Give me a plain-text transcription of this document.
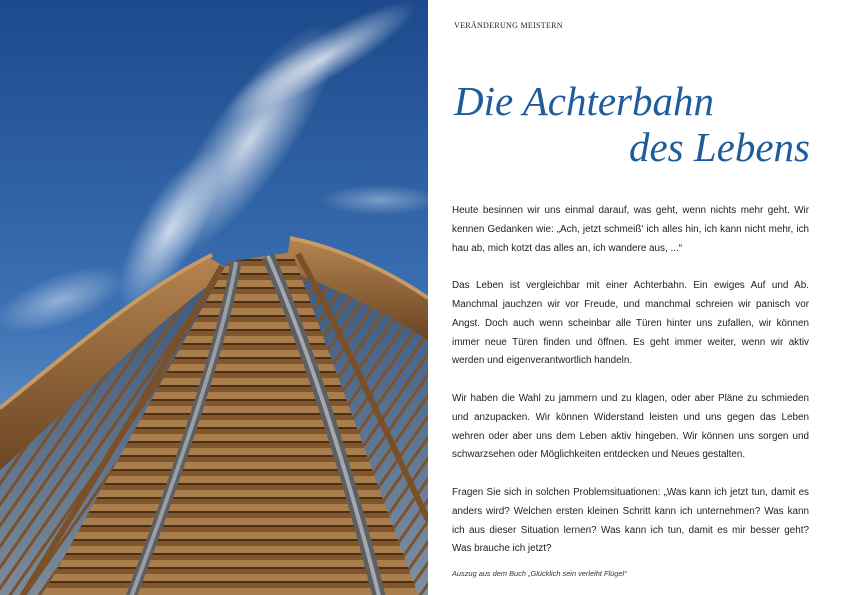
VERÄNDERUNG MEISTERN
Die Achterbahn
des Lebens

Heute besinnen wir uns einmal darauf, was geht, wenn nichts mehr geht. Wir kennen Gedanken wie: „Ach, jetzt schmeiß' ich alles hin, ich kann nicht mehr, ich hau ab, mich kotzt das alles an, ich wandere aus, ...“

Das Leben ist vergleichbar mit einer Achterbahn. Ein ewiges Auf und Ab. Manchmal jauchzen wir vor Freude, und manchmal schreien wir panisch vor Angst. Doch auch wenn scheinbar alle Türen hinter uns zufallen, wir können immer neue Türen finden und öffnen. Es geht immer weiter, wenn wir aktiv werden und eigenverantwortlich handeln.

Wir haben die Wahl zu jammern und zu klagen, oder aber Pläne zu schmieden und anzupacken. Wir können Widerstand leisten und uns gegen das Leben wehren oder aber uns dem Leben aktiv hingeben. Wir können uns sorgen und schwarzsehen oder Möglichkeiten entdecken und Neues gestalten.

Fragen Sie sich in solchen Problemsituationen: „Was kann ich jetzt tun, damit es anders wird? Welchen ersten kleinen Schritt kann ich unternehmen? Was kann ich aus dieser Situation lernen? Was kann ich tun, damit es mir besser geht? Was brauche ich jetzt?

Auszug aus dem Buch „Glücklich sein verleiht Flügel“
